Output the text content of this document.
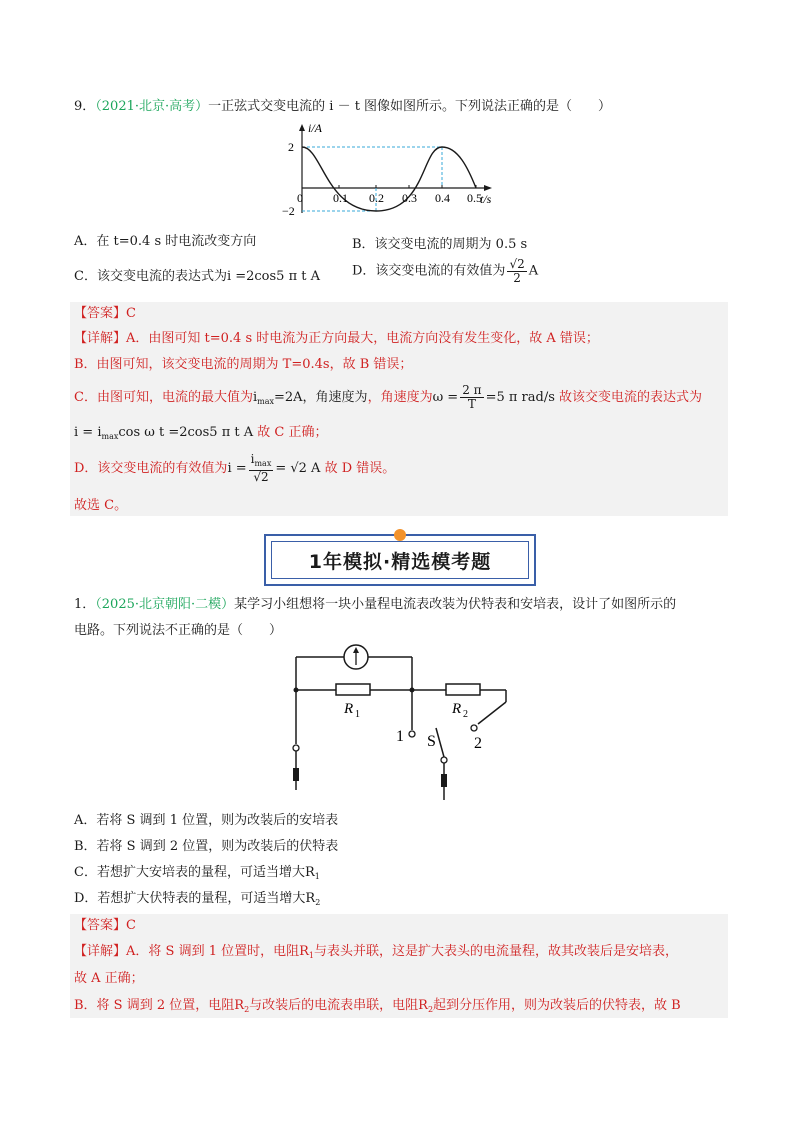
9．（2021·北京·高考）一正弦式交变电流的 i － t 图像如图所示。下列说法正确的是（　　）
i/A
t/s
2
−2
0	0.1 0.2 0.3 0.4 0.5
A．在 t=0.4 s 时电流改变方向	B．该交变电流的周期为 0.5 s
C．该交变电流的表达式为i =2cos5 π t A D．该交变电流的有效值为 $\frac{√2}{2}$ A
【答案】C
【详解】A．由图可知 t=0.4 s 时电流为正方向最大，电流方向没有发生变化，故 A 错误；
B．由图可知，该交变电流的周期为 T=0.4s，故 B 错误；
C．由图可知，电流的最大值为$i_{max}=2A$，角速度为，角速度为$\omega = \frac{2 \pi}{T} =5$ π rad/s 故该交变电流的表达式为
$i = i_{max}\cos$ ω t =2cos5 π t A 故 C 正确；
D．该交变电流的有效值为$i = \frac{i_{max}}{√2} = √2$ A 故 D 错误。
故选 C。
1年模拟·精选模考题
1．（2025·北京朝阳·二模）某学习小组想将一块小量程电流表改装为伏特表和安培表，设计了如图所示的
电路。下列说法不正确的是（　　）
R 1	R 2
1 S 2
A．若将 S 调到 1 位置，则为改装后的安培表
B．若将 S 调到 2 位置，则为改装后的伏特表
C．若想扩大安培表的量程，可适当增大$R_1$
D．若想扩大伏特表的量程，可适当增大$R_2$
【答案】C
【详解】A．将 S 调到 1 位置时，电阻$R_1$与表头并联，这是扩大表头的电流量程，故其改装后是安培表，
故 A 正确；
B．将 S 调到 2 位置，电阻$R_2$与改装后的电流表串联，电阻$R_2$起到分压作用，则为改装后的伏特表，故 B
